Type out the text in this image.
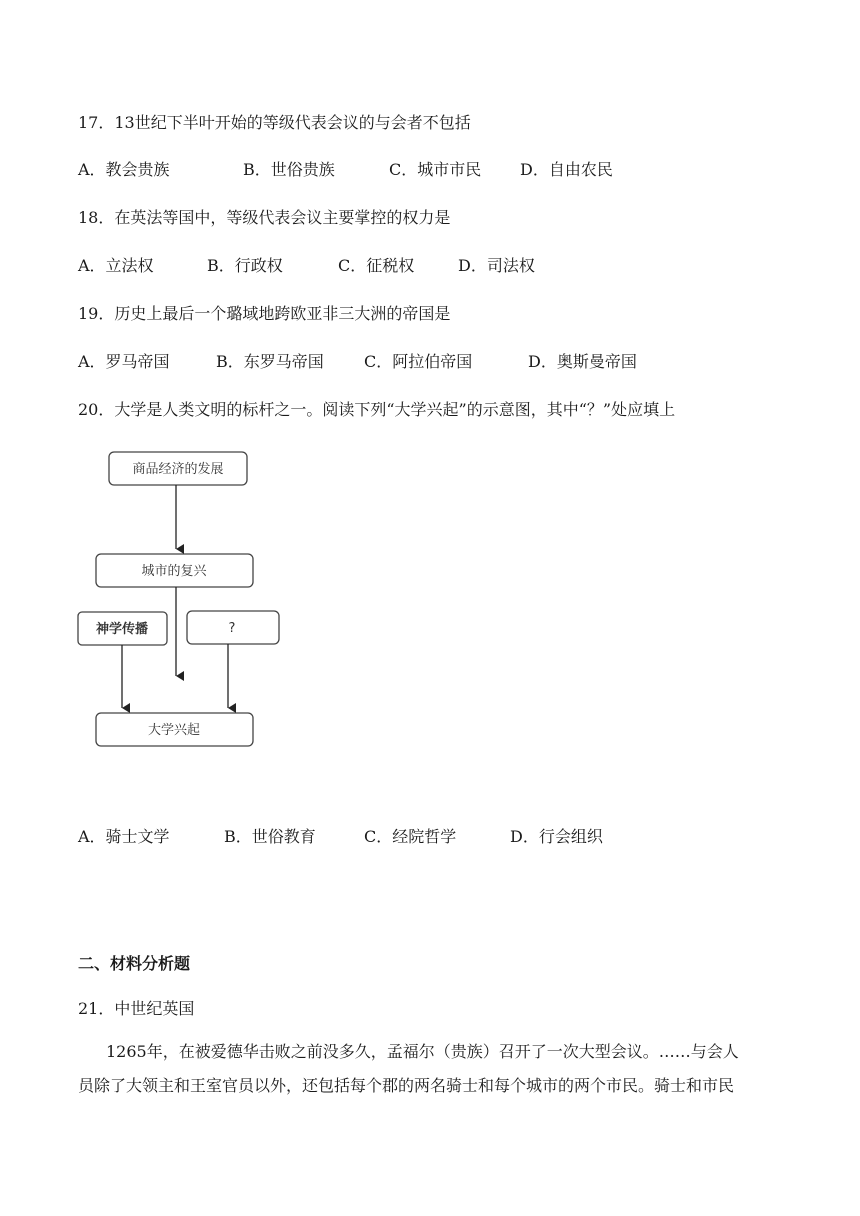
17．13世纪下半叶开始的等级代表会议的与会者不包括
A．教会贵族	B．世俗贵族	C．城市市民 D．自由农民
18．在英法等国中，等级代表会议主要掌控的权力是
A．立法权	B．行政权	C．征税权	D．司法权
19．历史上最后一个璐域地跨欧亚非三大洲的帝国是
A．罗马帝国	B．东罗马帝国	C．阿拉伯帝国	D．奥斯曼帝国
20．大学是人类文明的标杆之一。阅读下列“大学兴起”的示意图，其中“？”处应填上
商品经济的发展
城市的复兴
神学传播	?
大学兴起
A．骑士文学	B．世俗教育	C．经院哲学	D．行会组织
二、材料分析题
21．中世纪英国
1265年，在被爱德华击败之前没多久，孟福尔（贵族）召开了一次大型会议。……与会人
员除了大领主和王室官员以外，还包括每个郡的两名骑士和每个城市的两个市民。骑士和市民
